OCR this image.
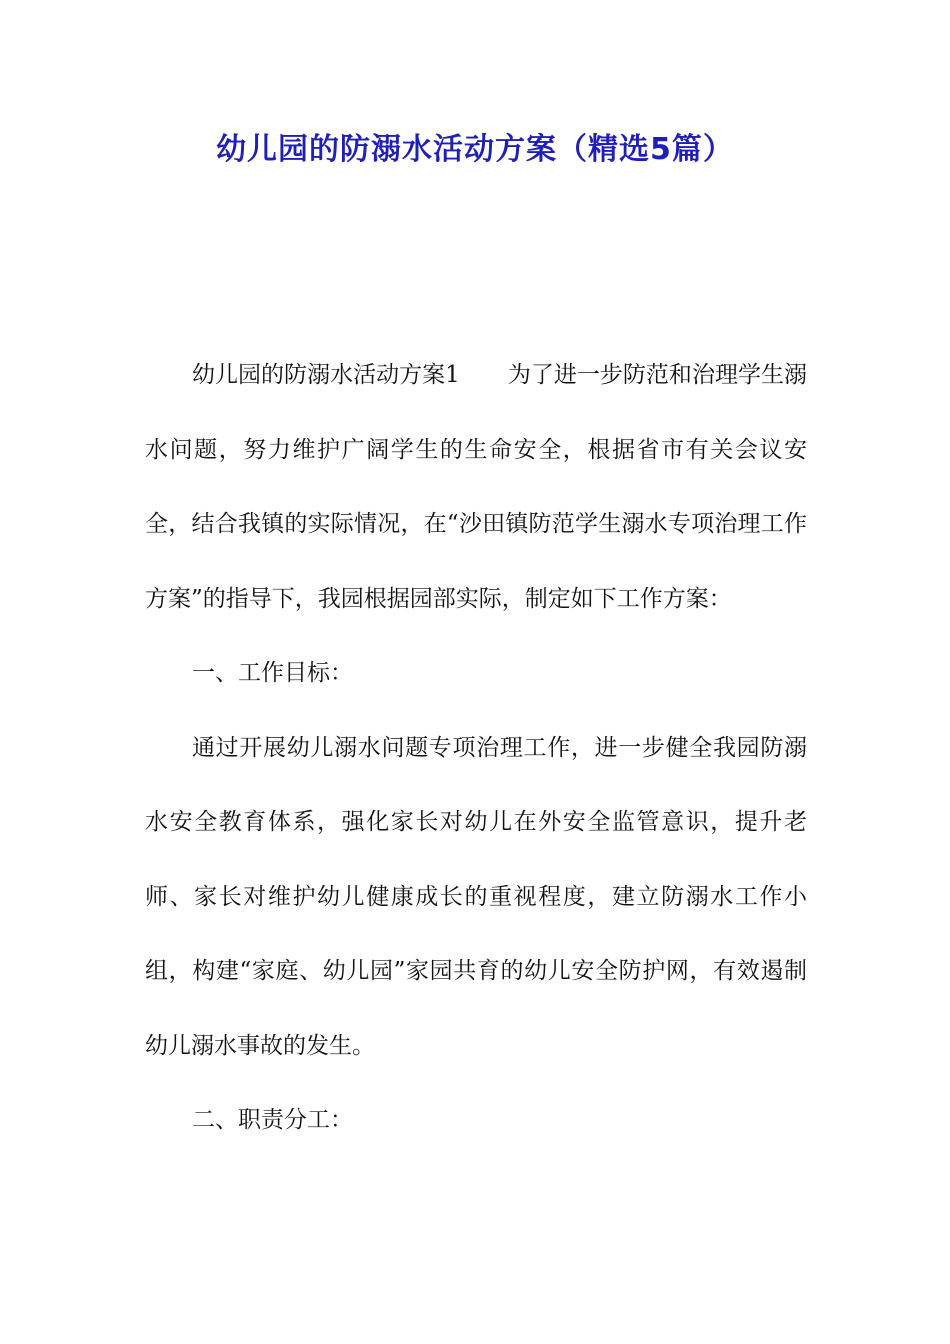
幼儿园的防溺水活动方案（精选5篇）

幼儿园的防溺水活动方案1 为了进一步防范和治理学生溺水问题，努力维护广阔学生的生命安全，根据省市有关会议安全，结合我镇的实际情况，在“沙田镇防范学生溺水专项治理工作方案”的指导下，我园根据园部实际，制定如下工作方案：

一、工作目标：

通过开展幼儿溺水问题专项治理工作，进一步健全我园防溺水安全教育体系，强化家长对幼儿在外安全监管意识，提升老师、家长对维护幼儿健康成长的重视程度，建立防溺水工作小组，构建“家庭、幼儿园”家园共育的幼儿安全防护网，有效遏制幼儿溺水事故的发生。

二、职责分工：
